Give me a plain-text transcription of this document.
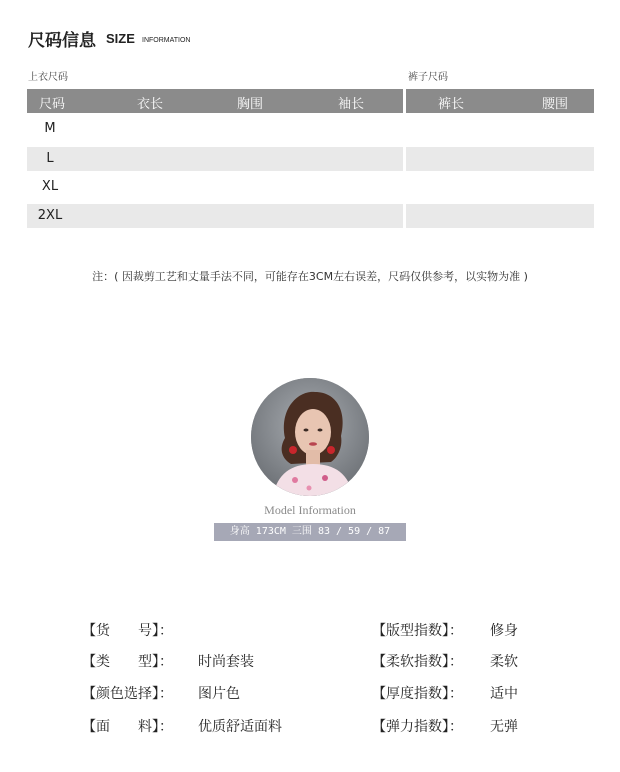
尺码信息 SIZE INFORMATION
上衣尺码	裤子尺码
尺码	衣长	胸围	袖长	裤长	腰围
M
L
XL
2XL
注：( 因裁剪工艺和丈量手法不同，可能存在3CM左右误差，尺码仅供参考，以实物为准 )
Model Information
身高 173CM 三围 83 / 59 / 87
【货　　号】：
【类　　型】： 时尚套装
【颜色选择】： 图片色
【面　　料】： 优质舒适面料
【版型指数】： 修身
【柔软指数】： 柔软
【厚度指数】： 适中
【弹力指数】： 无弹
